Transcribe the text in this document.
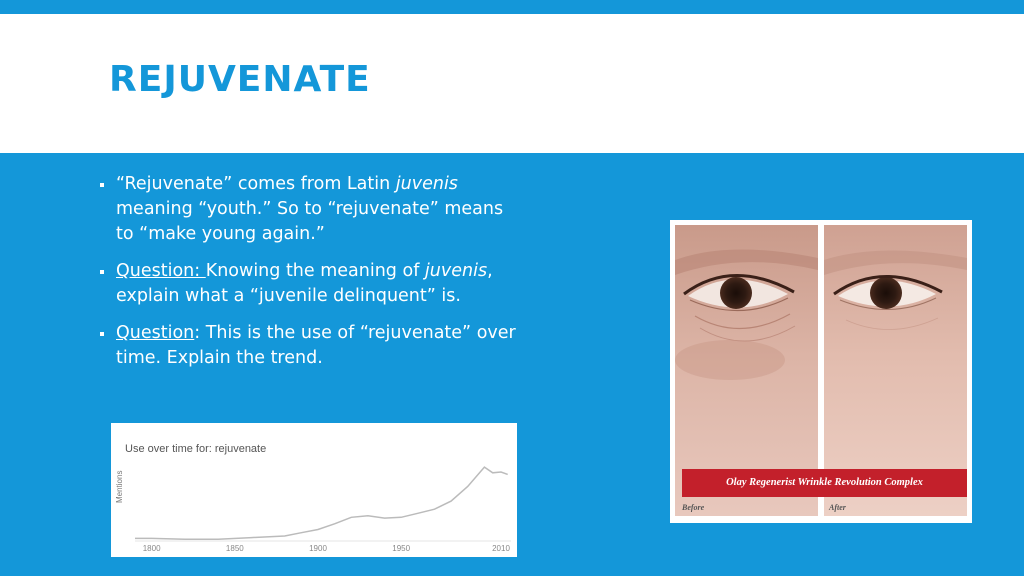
REJUVENATE
“Rejuvenate” comes from Latin juvenis meaning “youth.” So to “rejuvenate” means to “make young again.”
Question: Knowing the meaning of juvenis, explain what a “juvenile delinquent” is.
Question: This is the use of “rejuvenate” over time. Explain the trend.
Use over time for: rejuvenate
Mentions
1800	1850	1900	1950	2010
Olay Regenerist Wrinkle Revolution Complex
Before	After
